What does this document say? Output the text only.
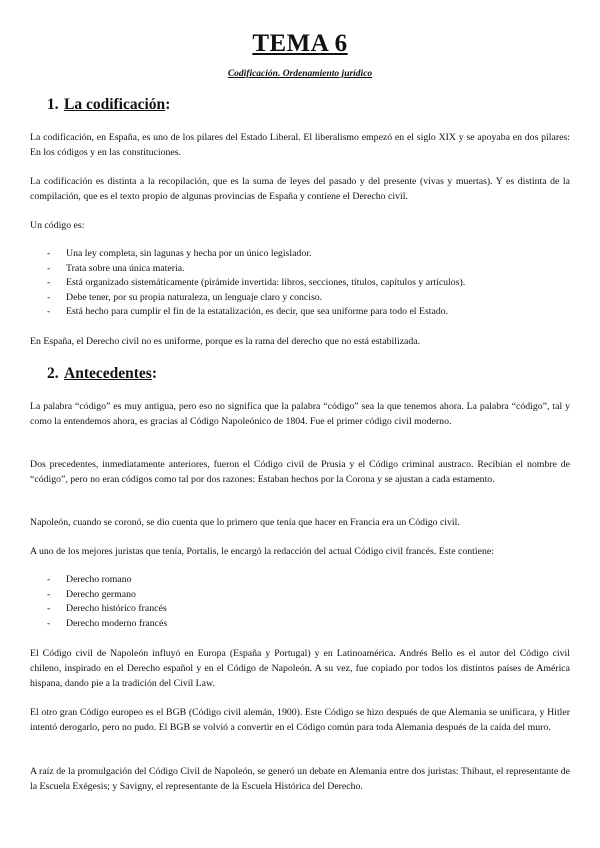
TEMA 6
Codificación. Ordenamiento jurídico
1. La codificación:

La codificación, en España, es uno de los pilares del Estado Liberal. El liberalismo empezó en el siglo XIX y se apoyaba en dos pilares: En los códigos y en las constituciones.

La codificación es distinta a la recopilación, que es la suma de leyes del pasado y del presente (vivas y muertas). Y es distinta de la compilación, que es el texto propio de algunas provincias de España y contiene el Derecho civil.

Un código es:

- Una ley completa, sin lagunas y hecha por un único legislador.
- Trata sobre una única materia.
- Está organizado sistemáticamente (pirámide invertida: libros, secciones, títulos, capítulos y artículos).
- Debe tener, por su propia naturaleza, un lenguaje claro y conciso.
- Está hecho para cumplir el fin de la estatalización, es decir, que sea uniforme para todo el Estado.

En España, el Derecho civil no es uniforme, porque es la rama del derecho que no está estabilizada.

2. Antecedentes:

La palabra “código” es muy antigua, pero eso no significa que la palabra “código” sea la que tenemos ahora. La palabra “código”, tal y como la entendemos ahora, es gracias al Código Napoleónico de 1804. Fue el primer código civil moderno.

Dos precedentes, inmediatamente anteriores, fueron el Código civil de Prusia y el Código criminal austraco. Recibían el nombre de “código”, pero no eran códigos como tal por dos razones: Estaban hechos por la Corona y se ajustan a cada estamento.

Napoleón, cuando se coronó, se dio cuenta que lo primero que tenía que hacer en Francia era un Código civil.

A uno de los mejores juristas que tenía, Portalis, le encargó la redacción del actual Código civil francés. Este contiene:

- Derecho romano
- Derecho germano
- Derecho histórico francés
- Derecho moderno francés

El Código civil de Napoleón influyó en Europa (España y Portugal) y en Latinoamérica. Andrés Bello es el autor del Código civil chileno, inspirado en el Derecho español y en el Código de Napoleón. A su vez, fue copiado por todos los distintos países de América hispana, dando pie a la tradición del Civil Law.

El otro gran Código europeo es el BGB (Código civil alemán, 1900). Este Código se hizo después de que Alemania se unificara, y Hitler intentó derogarlo, pero no pudo. El BGB se volvió a convertir en el Código común para toda Alemania después de la caída del muro.

A raíz de la promulgación del Código Civil de Napoleón, se generó un debate en Alemania entre dos juristas: Thibaut, el representante de la Escuela Exégesis; y Savigny, el representante de la Escuela Histórica del Derecho.
